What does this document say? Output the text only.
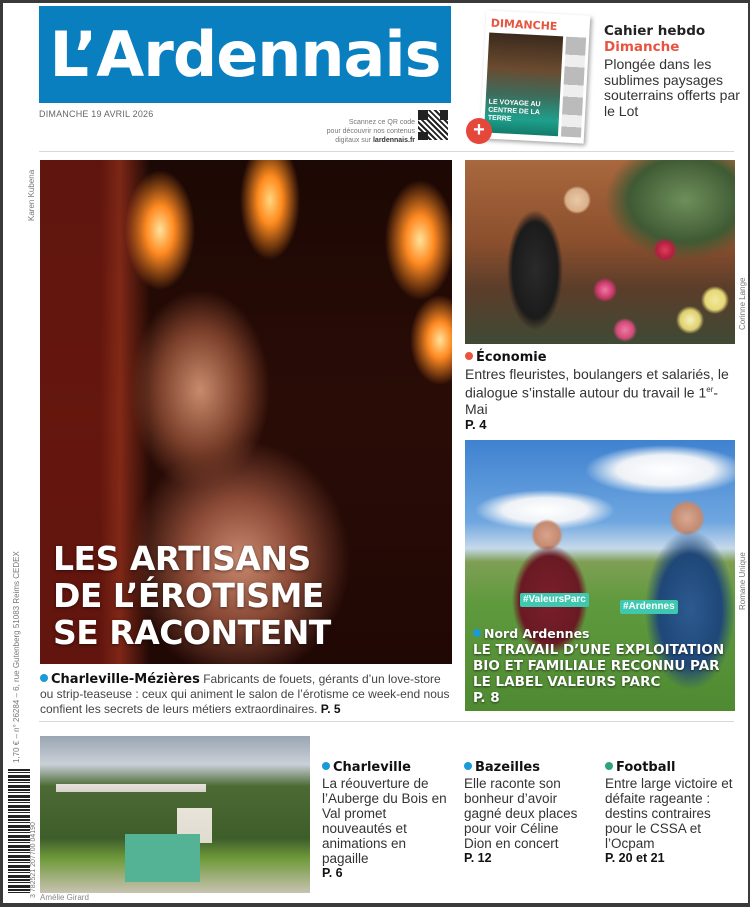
L’Ardennais
DIMANCHE 19 AVRIL 2026
Scannez ce QR code
pour découvrir nos contenus
digitaux sur lardennais.fr
DIMANCHE
LE VOYAGE AU CENTRE DE LA TERRE
+
Cahier hebdo
Dimanche
Plongée dans les sublimes paysages souterrains offerts par le Lot
Karen Kubena
LES ARTISANS
DE L’ÉROTISME
SE RACONTENT
Charleville-Mézières Fabricants de fouets, gérants d’un love-store ou strip-teaseuse : ceux qui animent le salon de l’érotisme ce week-end nous confient les secrets de leurs métiers extraordinaires. P. 5
Corinne Lange
Économie
Entres fleuristes, boulangers et salariés, le dialogue s’installe autour du travail le 1er-Mai
P. 4
#ValeursParc
#Ardennes
Nord Ardennes
LE TRAVAIL D’UNE EXPLOITATION BIO ET FAMILIALE RECONNU PAR LE LABEL VALEURS PARC
P. 8
Romane Unique
Amélie Girard
Charleville
La réouverture de l’Auberge du Bois en Val promet nouveautés et animations en pagaille
P. 6
Bazeilles
Elle raconte son bonheur d’avoir gagné deux places pour voir Céline Dion en concert
P. 12
Football
Entre large victoire et défaite rageante : destins contraires pour le CSSA et l’Ocpam
P. 20 et 21
1,70 € – n° 26284 – 6, rue Gutenberg 51083 Reims CEDEX
3 782521 207700 04190
